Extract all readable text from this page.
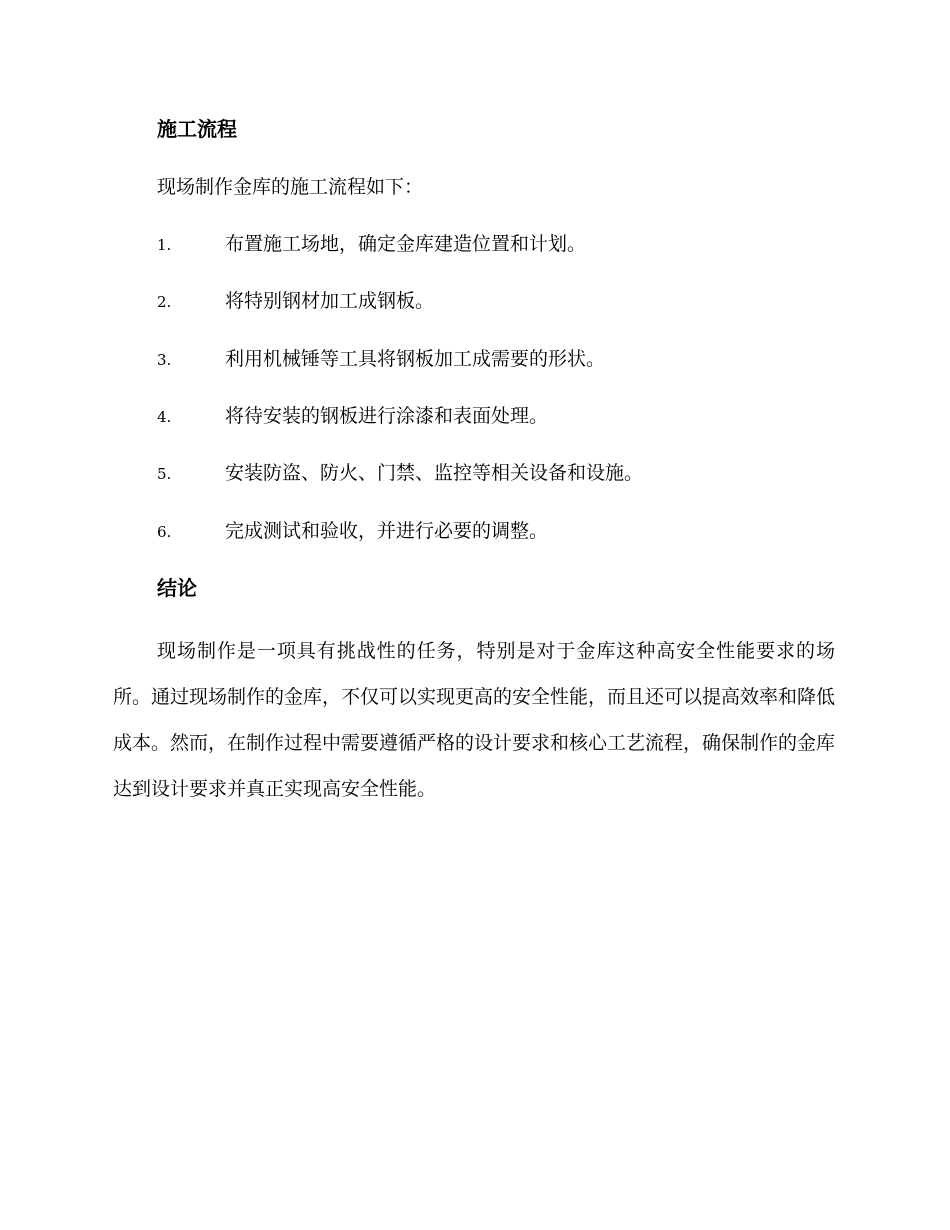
施工流程

现场制作金库的施工流程如下：

1.	布置施工场地，确定金库建造位置和计划。
2.	将特别钢材加工成钢板。
3.	利用机械锤等工具将钢板加工成需要的形状。
4.	将待安装的钢板进行涂漆和表面处理。
5.	安装防盗、防火、门禁、监控等相关设备和设施。
6.	完成测试和验收，并进行必要的调整。
结论

现场制作是一项具有挑战性的任务，特别是对于金库这种高安全性能要求的场所。通过现场制作的金库，不仅可以实现更高的安全性能，而且还可以提高效率和降低成本。然而，在制作过程中需要遵循严格的设计要求和核心工艺流程，确保制作的金库达到设计要求并真正实现高安全性能。
